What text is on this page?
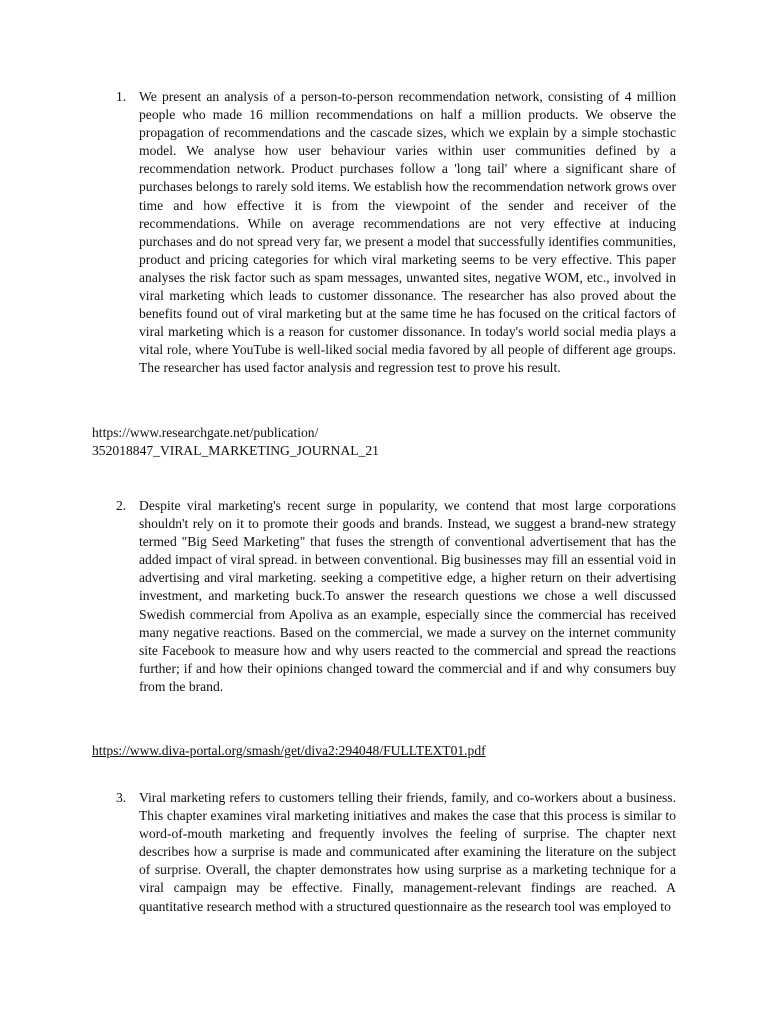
1. We present an analysis of a person-to-person recommendation network, consisting of 4 million people who made 16 million recommendations on half a million products. We observe the propagation of recommendations and the cascade sizes, which we explain by a simple stochastic model. We analyse how user behaviour varies within user communities defined by a recommendation network. Product purchases follow a 'long tail' where a significant share of purchases belongs to rarely sold items. We establish how the recommendation network grows over time and how effective it is from the viewpoint of the sender and receiver of the recommendations. While on average recommendations are not very effective at inducing purchases and do not spread very far, we present a model that successfully identifies communities, product and pricing categories for which viral marketing seems to be very effective. This paper analyses the risk factor such as spam messages, unwanted sites, negative WOM, etc., involved in viral marketing which leads to customer dissonance. The researcher has also proved about the benefits found out of viral marketing but at the same time he has focused on the critical factors of viral marketing which is a reason for customer dissonance. In today's world social media plays a vital role, where YouTube is well-liked social media favored by all people of different age groups. The researcher has used factor analysis and regression test to prove his result.

https://www.researchgate.net/publication/
352018847_VIRAL_MARKETING_JOURNAL_21
2. Despite viral marketing's recent surge in popularity, we contend that most large corporations shouldn't rely on it to promote their goods and brands. Instead, we suggest a brand-new strategy termed "Big Seed Marketing" that fuses the strength of conventional advertisement that has the added impact of viral spread. in between conventional. Big businesses may fill an essential void in advertising and viral marketing. seeking a competitive edge, a higher return on their advertising investment, and marketing buck.To answer the research questions we chose a well discussed Swedish commercial from Apoliva as an example, especially since the commercial has received many negative reactions. Based on the commercial, we made a survey on the internet community site Facebook to measure how and why users reacted to the commercial and spread the reactions further; if and how their opinions changed toward the commercial and if and why consumers buy from the brand.

https://www.diva-portal.org/smash/get/diva2:294048/FULLTEXT01.pdf
3. Viral marketing refers to customers telling their friends, family, and co-workers about a business. This chapter examines viral marketing initiatives and makes the case that this process is similar to word-of-mouth marketing and frequently involves the feeling of surprise. The chapter next describes how a surprise is made and communicated after examining the literature on the subject of surprise. Overall, the chapter demonstrates how using surprise as a marketing technique for a viral campaign may be effective. Finally, management-relevant findings are reached. A quantitative research method with a structured questionnaire as the research tool was employed to
